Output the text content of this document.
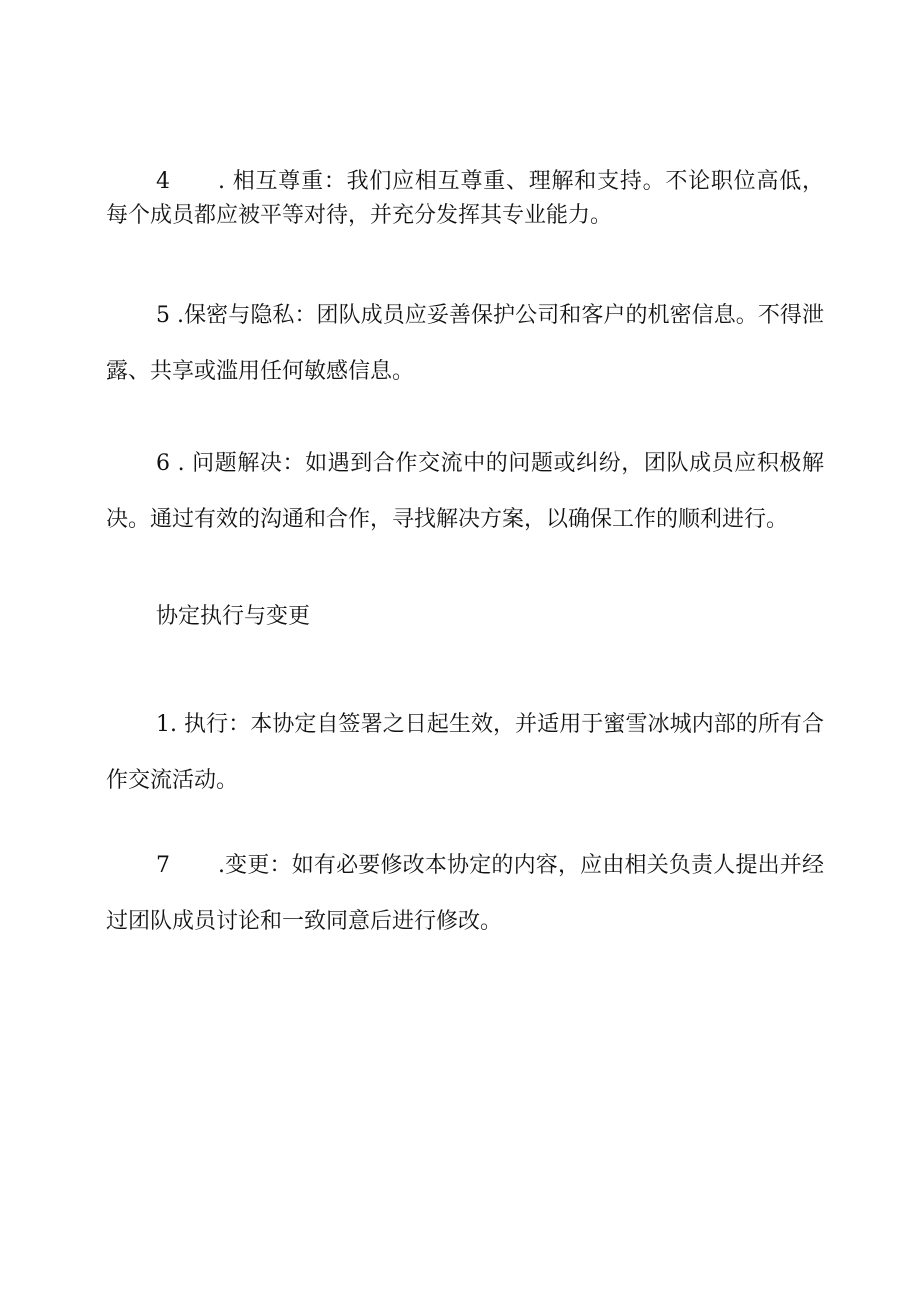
4 . 相互尊重：我们应相互尊重、理解和支持。不论职位高低，每个成员都应被平等对待，并充分发挥其专业能力。

5 .保密与隐私：团队成员应妥善保护公司和客户的机密信息。不得泄露、共享或滥用任何敏感信息。

6 . 问题解决：如遇到合作交流中的问题或纠纷，团队成员应积极解决。通过有效的沟通和合作，寻找解决方案，以确保工作的顺利进行。

协定执行与变更

1. 执行：本协定自签署之日起生效，并适用于蜜雪冰城内部的所有合作交流活动。

7 .变更：如有必要修改本协定的内容，应由相关负责人提出并经过团队成员讨论和一致同意后进行修改。
